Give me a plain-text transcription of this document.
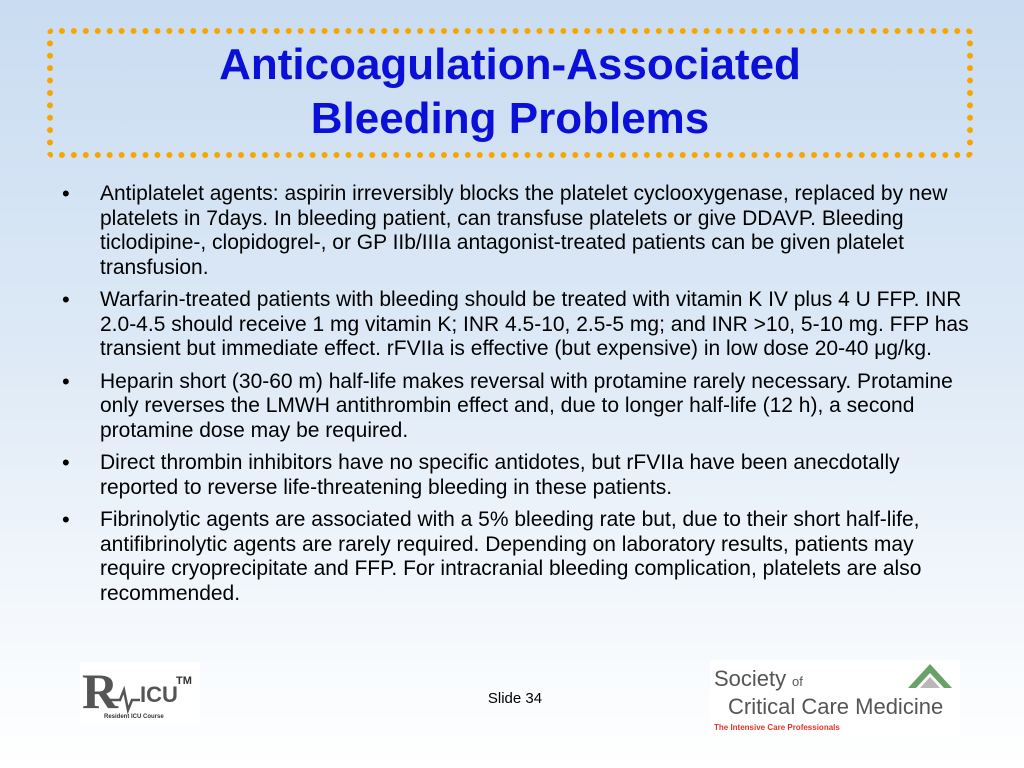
Anticoagulation-Associated
Bleeding Problems
• Antiplatelet agents: aspirin irreversibly blocks the platelet cyclooxygenase, replaced by new platelets in 7days. In bleeding patient, can transfuse platelets or give DDAVP. Bleeding ticlodipine-, clopidogrel-, or GP IIb/IIIa antagonist-treated patients can be given platelet transfusion.
• Warfarin-treated patients with bleeding should be treated with vitamin K IV plus 4 U FFP. INR 2.0-4.5 should receive 1 mg vitamin K; INR 4.5-10, 2.5-5 mg; and INR >10, 5-10 mg. FFP has transient but immediate effect. rFVIIa is effective (but expensive) in low dose 20-40 μg/kg.
• Heparin short (30-60 m) half-life makes reversal with protamine rarely necessary. Protamine only reverses the LMWH antithrombin effect and, due to longer half-life (12 h), a second protamine dose may be required.
• Direct thrombin inhibitors have no specific antidotes, but rFVIIa have been anecdotally reported to reverse life-threatening bleeding in these patients.
• Fibrinolytic agents are associated with a 5% bleeding rate but, due to their short half-life, antifibrinolytic agents are rarely required. Depending on laboratory results, patients may require cryoprecipitate and FFP. For intracranial bleeding complication, platelets are also recommended.
R ICU
TM
Resident ICU Course
Slide 34
Society of
Critical Care Medicine
The Intensive Care Professionals
